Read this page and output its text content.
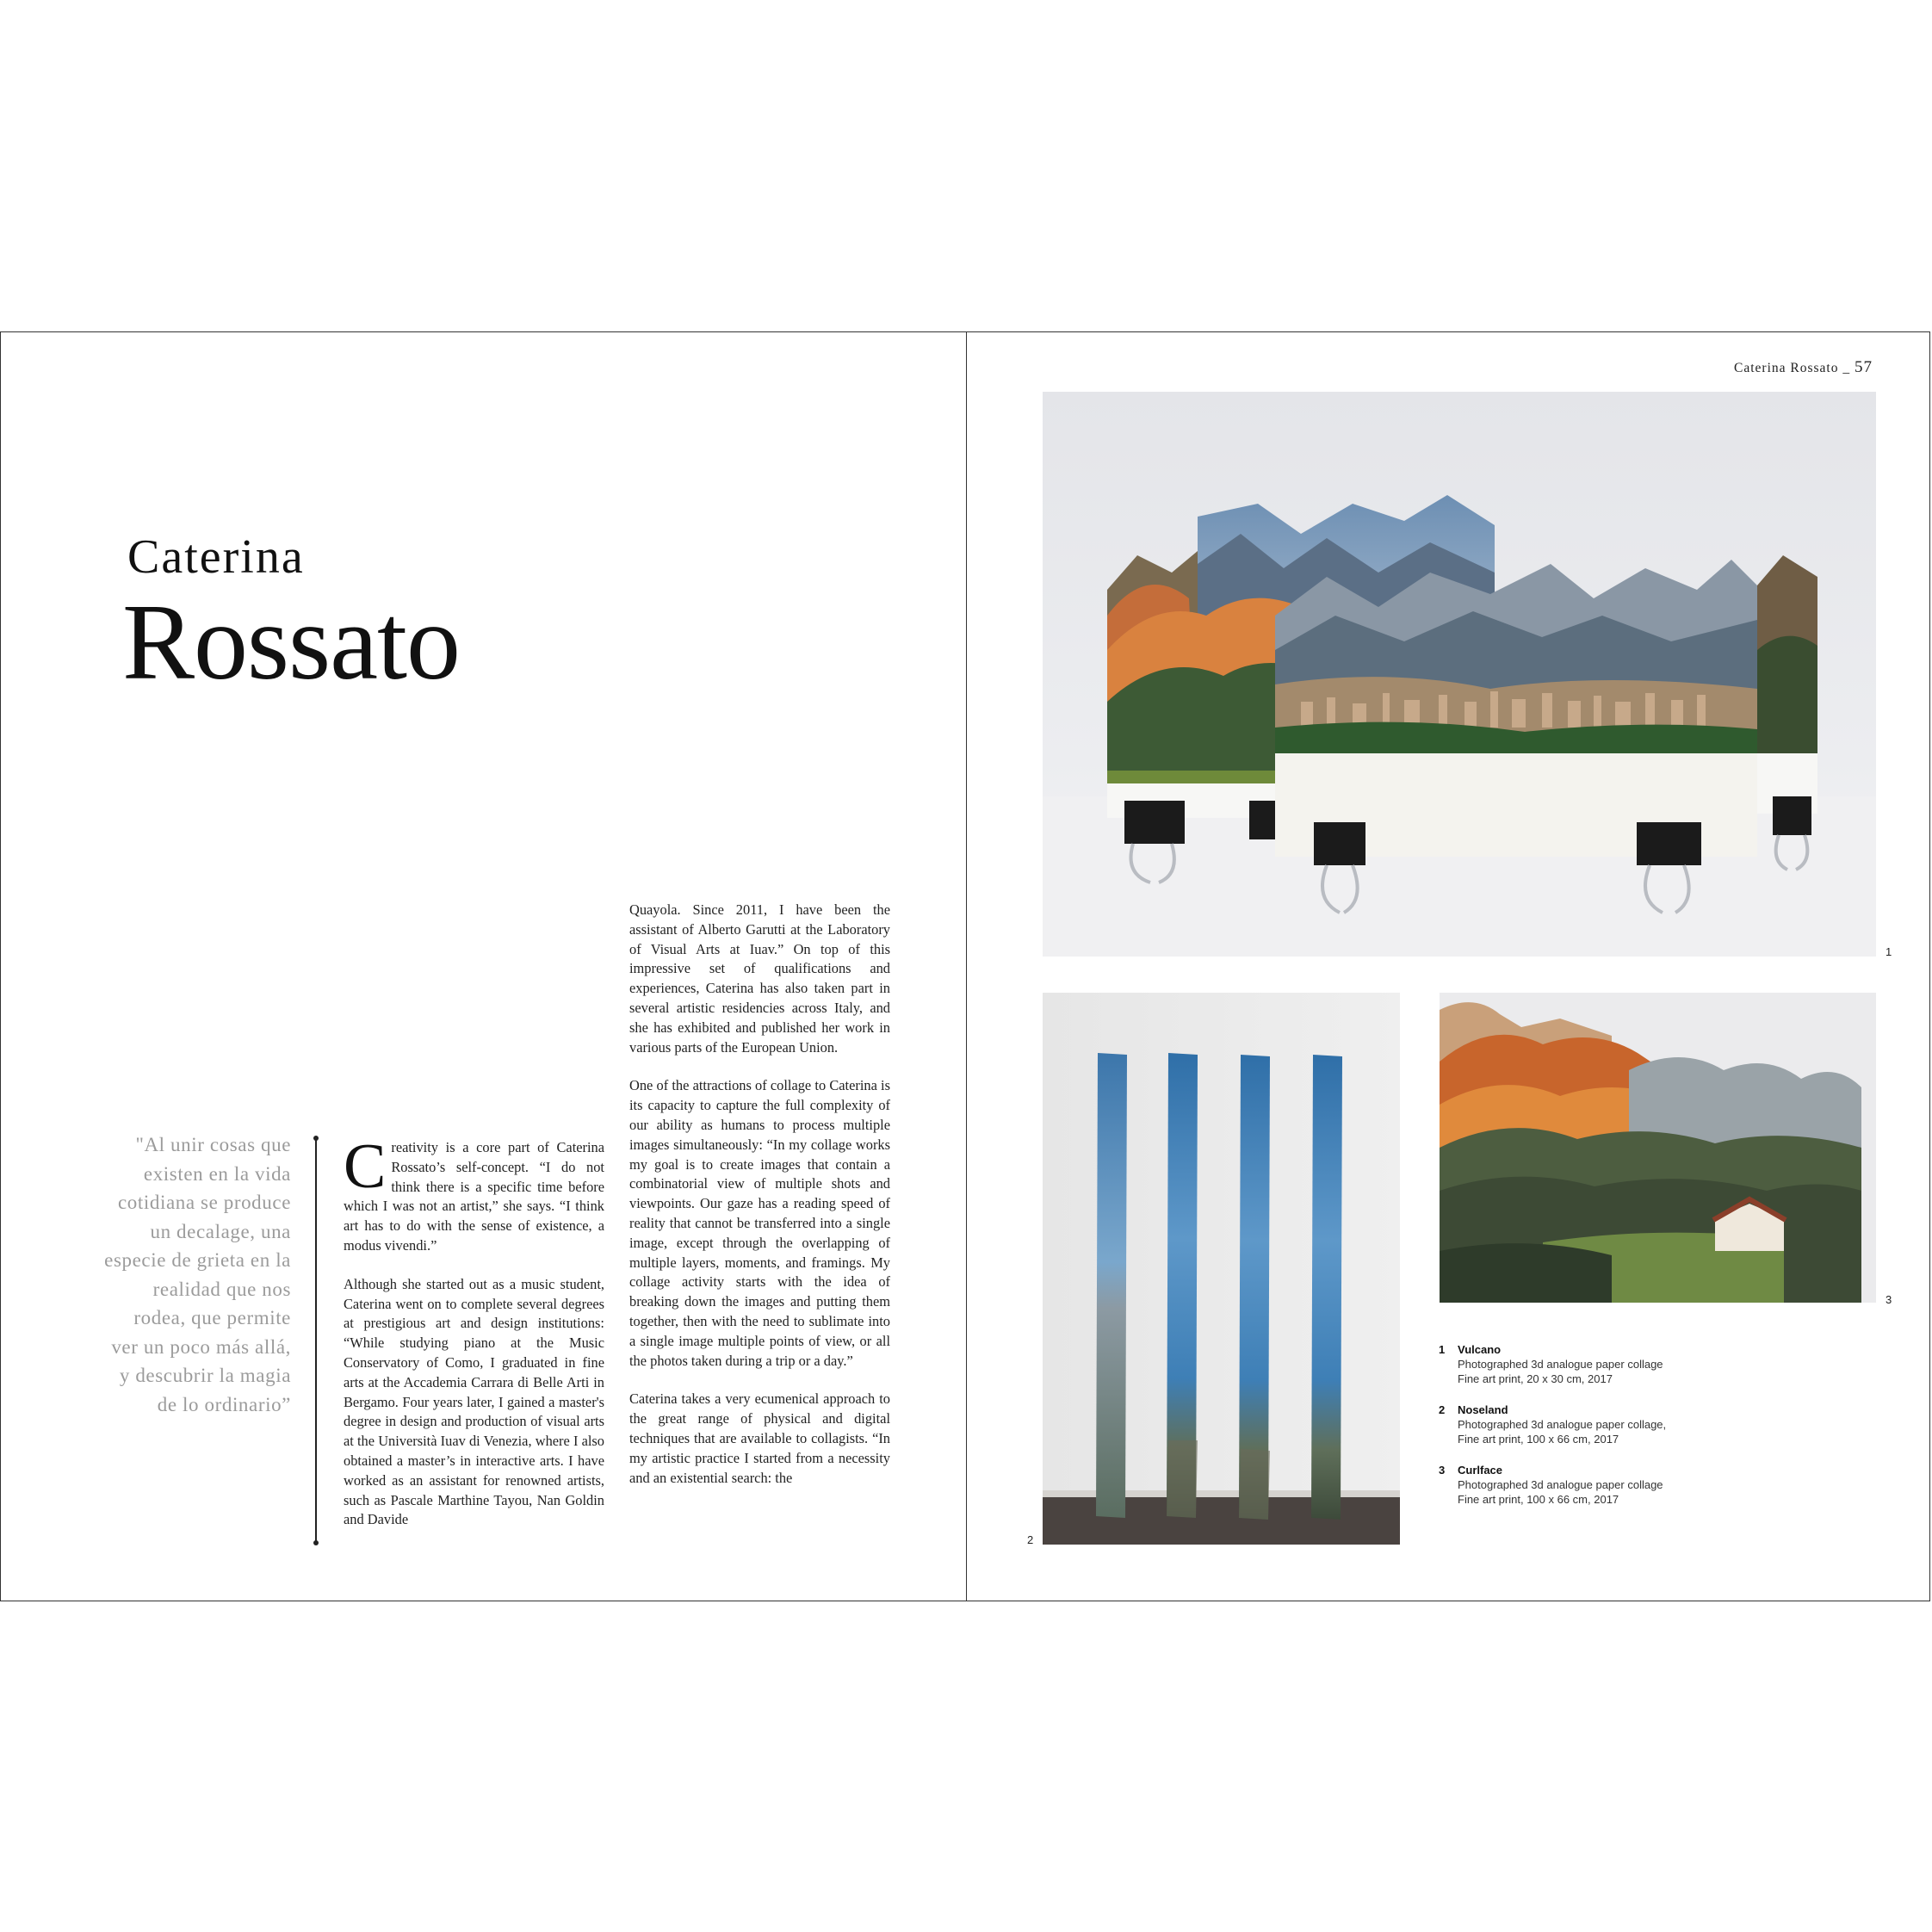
Caterina
Rossato
"Al unir cosas que existen en la vida cotidiana se produce un decalage, una especie de grieta en la realidad que nos rodea, que permite ver un poco más allá, y descubrir la magia de lo ordinario”

Creativity is a core part of Caterina Rossato’s self-concept. “I do not think there is a specific time before which I was not an artist,” she says. “I think art has to do with the sense of existence, a modus vivendi.”

Although she started out as a music student, Caterina went on to complete several degrees at prestigious art and design institutions: “While studying piano at the Music Conservatory of Como, I graduated in fine arts at the Accademia Carrara di Belle Arti in Bergamo. Four years later, I gained a master's degree in design and production of visual arts at the Università Iuav di Venezia, where I also obtained a master’s in interactive arts. I have worked as an assistant for renowned artists, such as Pascale Marthine Tayou, Nan Goldin and Davide

Quayola. Since 2011, I have been the assistant of Alberto Garutti at the Laboratory of Visual Arts at Iuav.” On top of this impressive set of qualifications and experiences, Caterina has also taken part in several artistic residencies across Italy, and she has exhibited and published her work in various parts of the European Union.

One of the attractions of collage to Caterina is its capacity to capture the full complexity of our ability as humans to process multiple images simultaneously: “In my collage works my goal is to create images that contain a combinatorial view of multiple shots and viewpoints. Our gaze has a reading speed of reality that cannot be transferred into a single image, except through the overlapping of multiple layers, moments, and framings. My collage activity starts with the idea of breaking down the images and putting them together, then with the need to sublimate into a single image multiple points of view, or all the photos taken during a trip or a day.”

Caterina takes a very ecumenical approach to the great range of physical and digital techniques that are available to collagists. “In my artistic practice I started from a necessity and an existential search: the

Caterina Rossato _ 57
1
2
3
1 Vulcano
Photographed 3d analogue paper collage
Fine art print, 20 x 30 cm, 2017
2 Noseland
Photographed 3d analogue paper collage,
Fine art print, 100 x 66 cm, 2017
3 Curlface
Photographed 3d analogue paper collage
Fine art print, 100 x 66 cm, 2017
